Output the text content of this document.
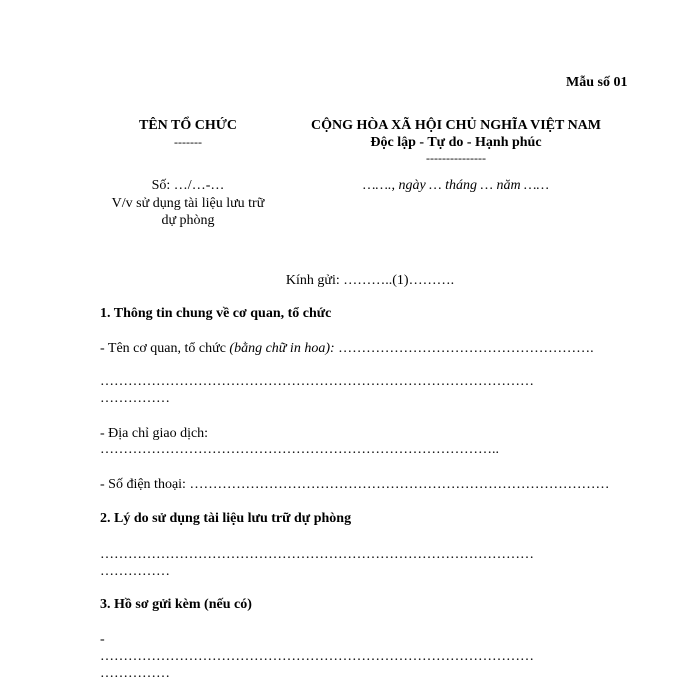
Mẫu số 01
TÊN TỔ CHỨC
-------
Số: …/…-…
V/v sử dụng tài liệu lưu trữ
dự phòng
CỘNG HÒA XÃ HỘI CHỦ NGHĨA VIỆT NAM
Độc lập - Tự do - Hạnh phúc
---------------
……., ngày … tháng … năm ……
Kính gửi: ………..(1)……….
1. Thông tin chung về cơ quan, tổ chức
- Tên cơ quan, tổ chức (bằng chữ in hoa): ……………………………………………….
…………………………………………………………………………………
……………
- Địa chỉ giao dịch:
…………………………………………………………………………..
- Số điện thoại: ………………………………………………………………………………
2. Lý do sử dụng tài liệu lưu trữ dự phòng
…………………………………………………………………………………
……………
3. Hồ sơ gửi kèm (nếu có)
-
…………………………………………………………………………………
……………
